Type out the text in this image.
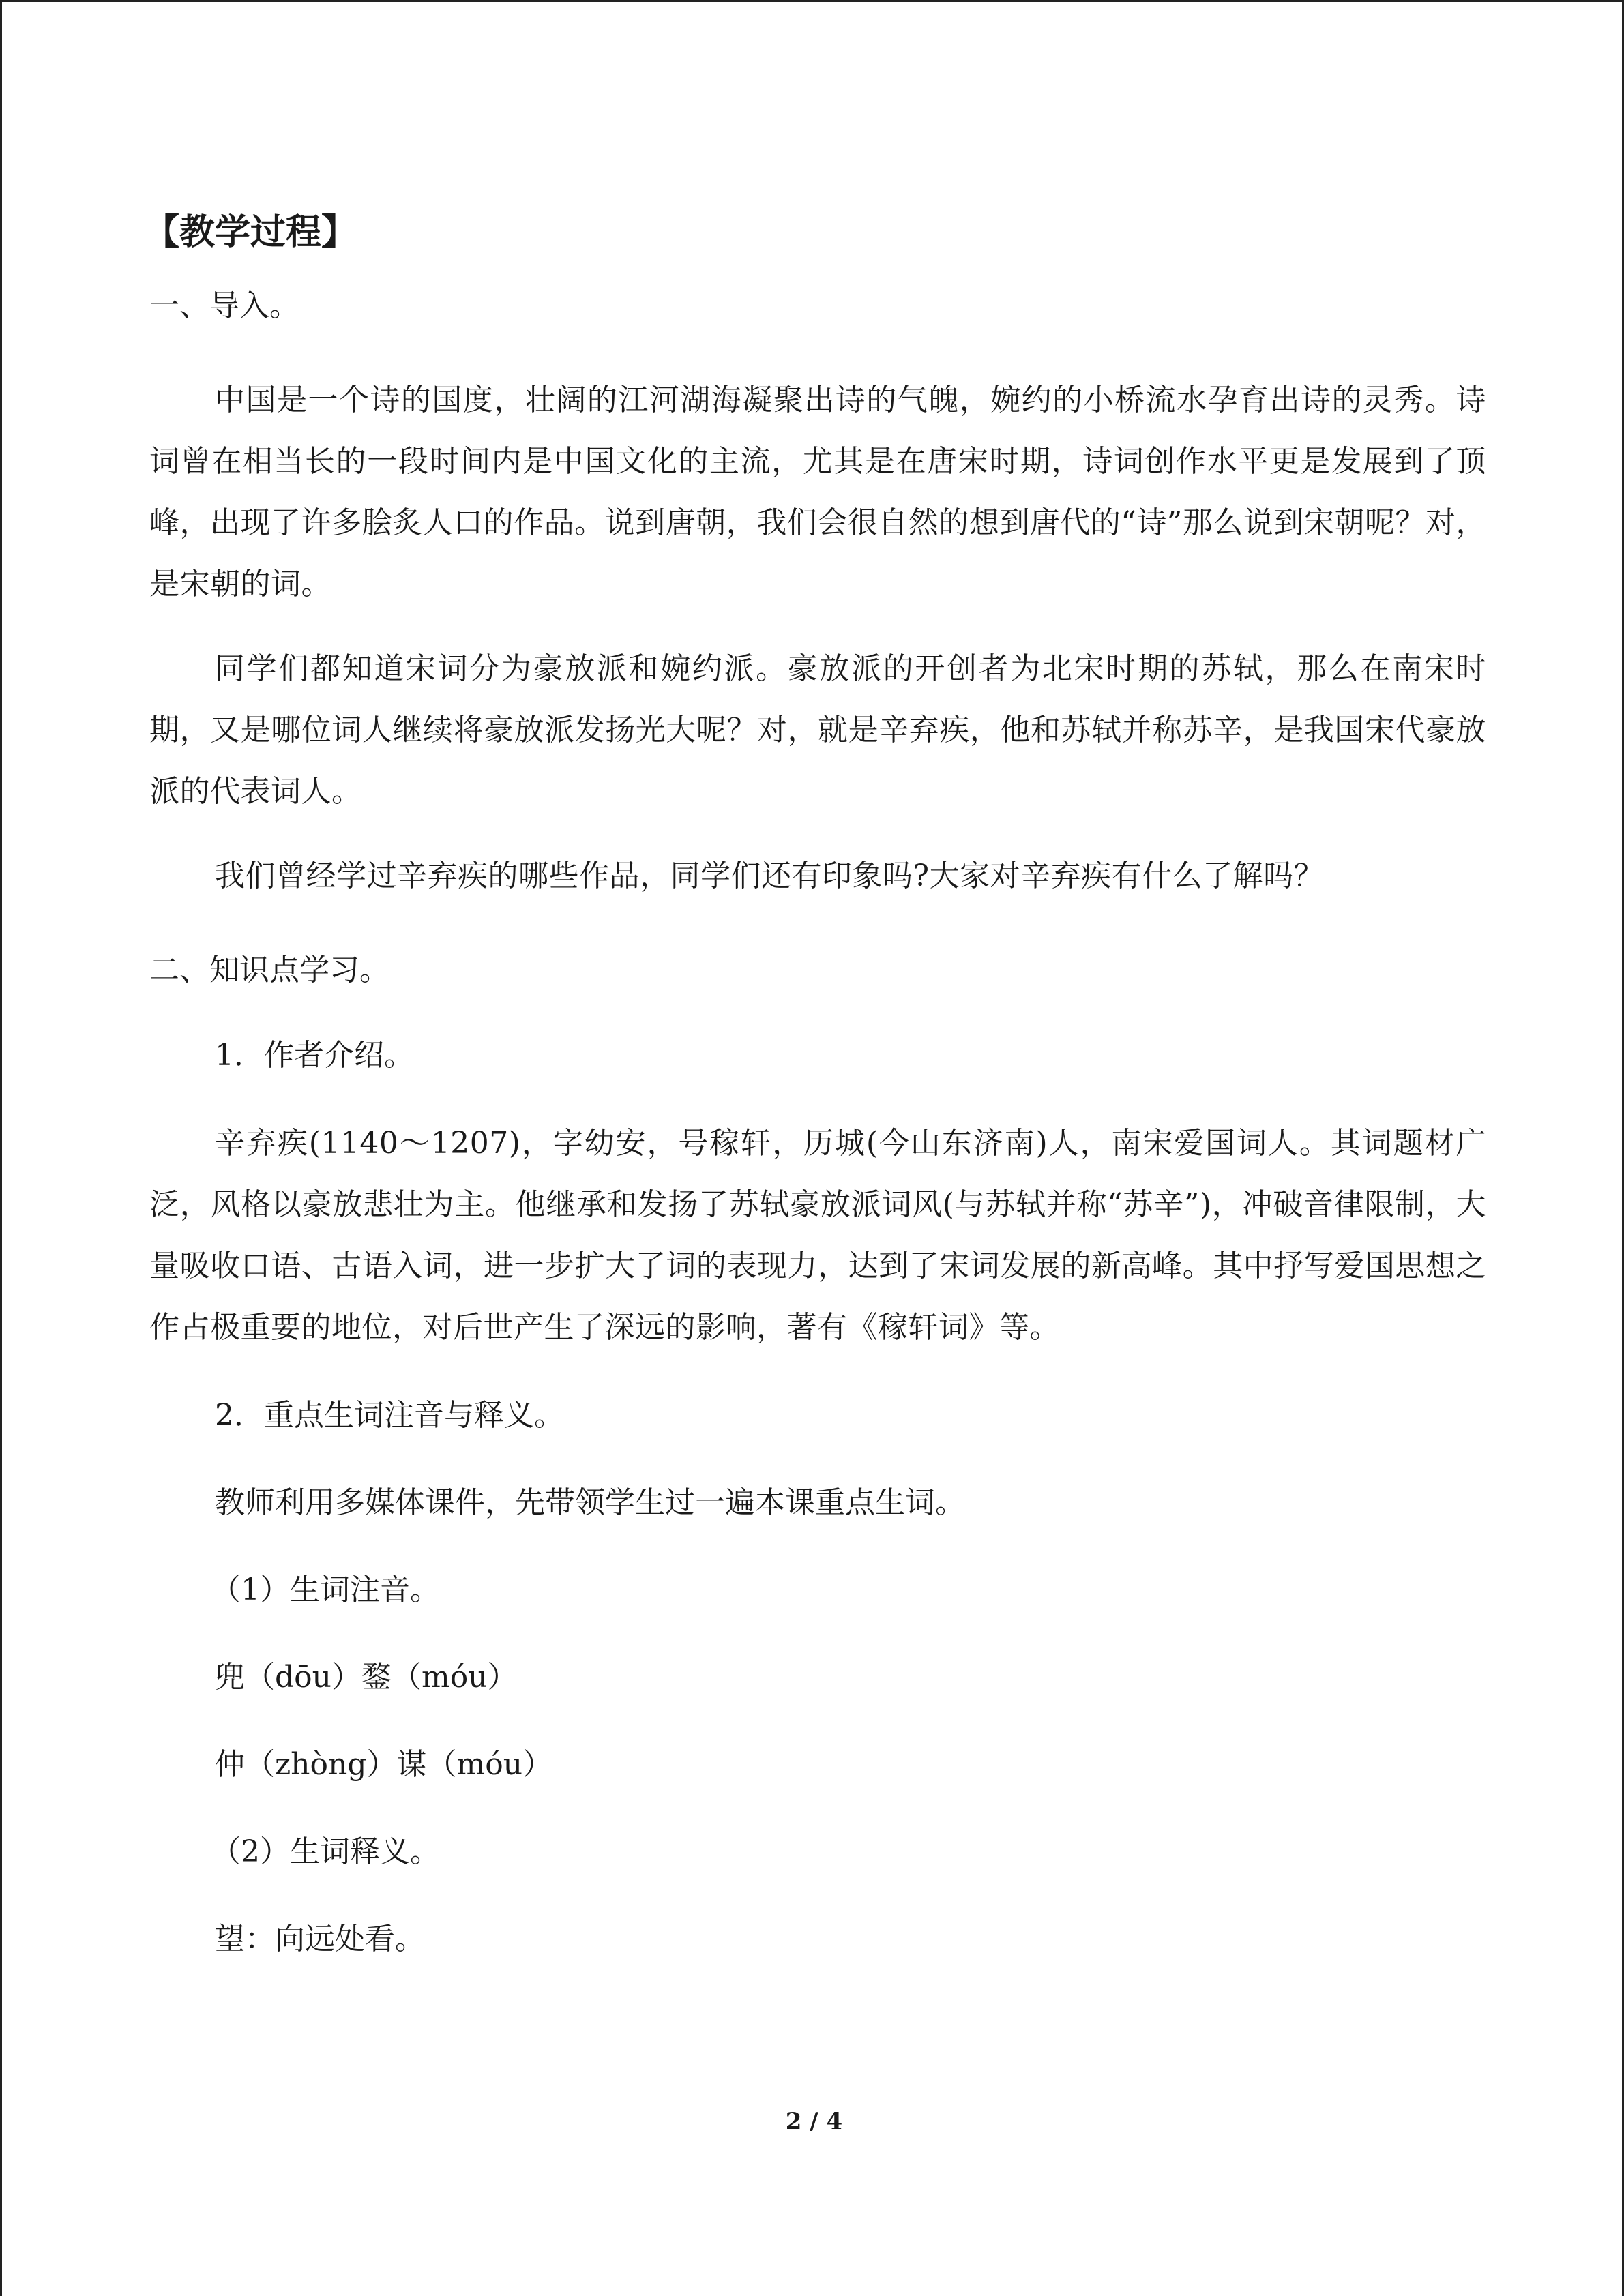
【教学过程】
一、导入。

中国是一个诗的国度，壮阔的江河湖海凝聚出诗的气魄，婉约的小桥流水孕育出诗的灵秀。诗词曾在相当长的一段时间内是中国文化的主流，尤其是在唐宋时期，诗词创作水平更是发展到了顶峰，出现了许多脍炙人口的作品。说到唐朝，我们会很自然的想到唐代的“诗”那么说到宋朝呢？对，是宋朝的词。

同学们都知道宋词分为豪放派和婉约派。豪放派的开创者为北宋时期的苏轼，那么在南宋时期，又是哪位词人继续将豪放派发扬光大呢？对，就是辛弃疾，他和苏轼并称苏辛，是我国宋代豪放派的代表词人。

我们曾经学过辛弃疾的哪些作品，同学们还有印象吗?大家对辛弃疾有什么了解吗？

二、知识点学习。
1．作者介绍。

辛弃疾(1140～1207)，字幼安，号稼轩，历城(今山东济南)人，南宋爱国词人。其词题材广泛，风格以豪放悲壮为主。他继承和发扬了苏轼豪放派词风(与苏轼并称“苏辛”)，冲破音律限制，大量吸收口语、古语入词，进一步扩大了词的表现力，达到了宋词发展的新高峰。其中抒写爱国思想之作占极重要的地位，对后世产生了深远的影响，著有《稼轩词》等。

2．重点生词注音与释义。
教师利用多媒体课件，先带领学生过一遍本课重点生词。
（1）生词注音。
兜（dōu）鍪（móu）
仲（zhòng）谋（móu）
（2）生词释义。
望：向远处看。
2 / 4
